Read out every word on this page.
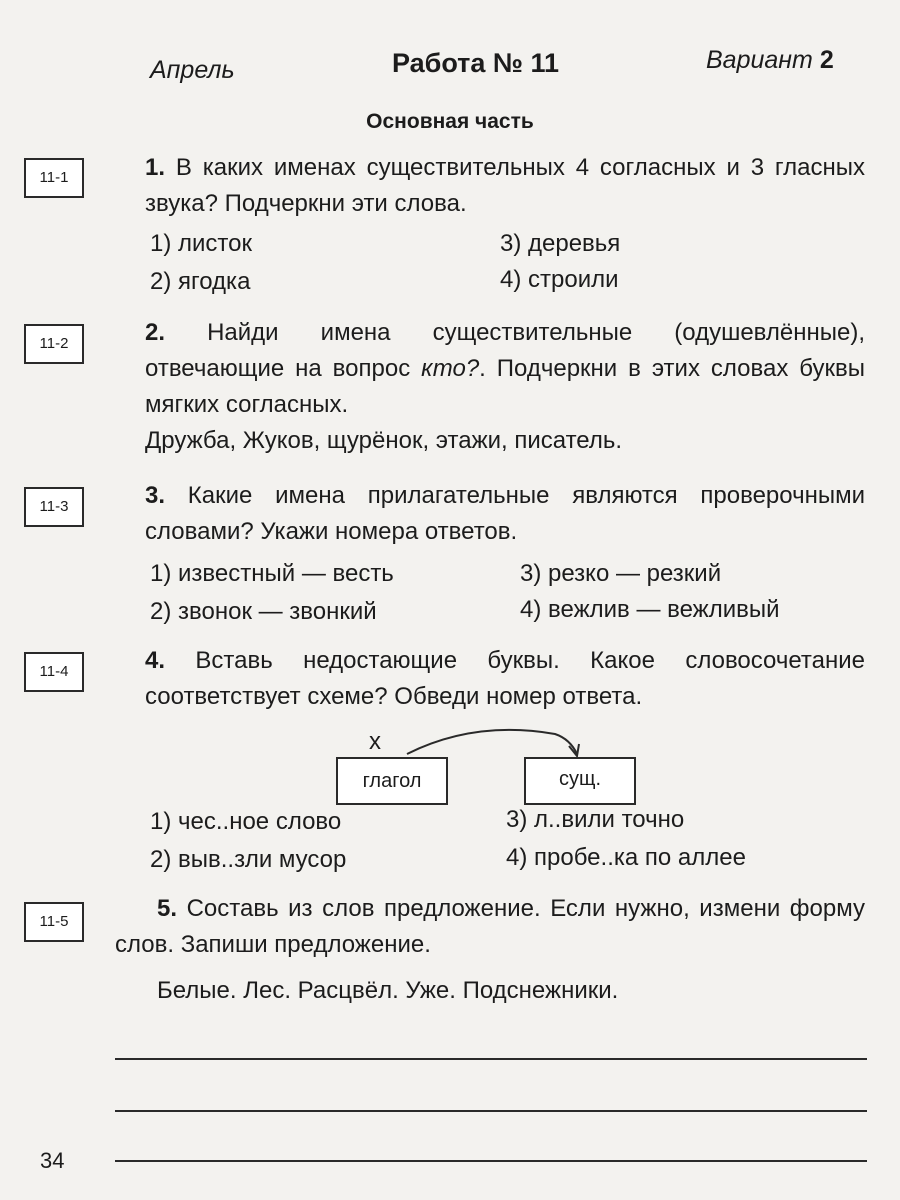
Апрель	Работа № 11	Вариант 2
Основная часть
11-1	1. В каких именах существительных 4 согласных и 3 гласных звука? Подчеркни эти слова.

1) листок
2) ягодка
3) деревья
4) строили
11-2	2. Найди имена существительные (одушевлённые), отвечающие на вопрос кто?. Подчеркни в этих словах буквы мягких согласных.

Дружба, Жуков, щурёнок, этажи, писатель.

11-3	3. Какие имена прилагательные являются проверочными словами? Укажи номера ответов.

1) известный — весть
2) звонок — звонкий
3) резко — резкий
4) вежлив — вежливый
11-4	4. Вставь недостающие буквы. Какое словосочетание соответствует схеме? Обведи номер ответа.

x
глагол	сущ.
1) чес..ное слово
2) выв..зли мусор
3) л..вили точно
4) пробе..ка по аллее
11-5	5. Составь из слов предложение. Если нужно, измени форму слов. Запиши предложение.

Белые. Лес. Расцвёл. Уже. Подснежники.

34
